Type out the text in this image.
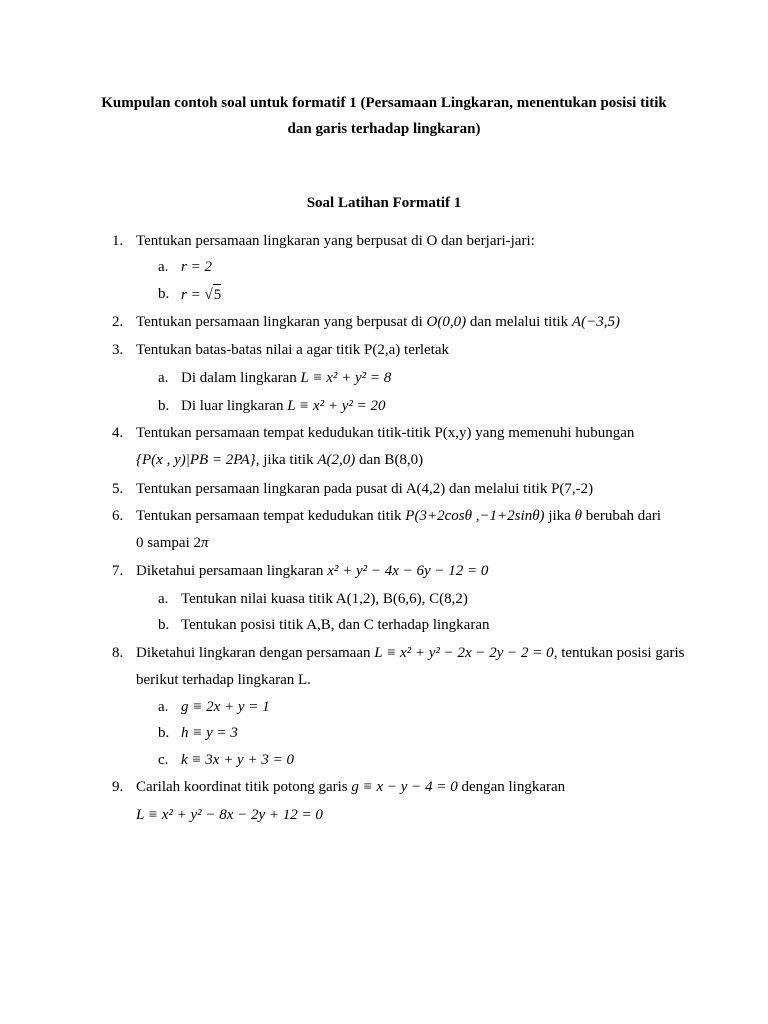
Kumpulan contoh soal untuk formatif 1 (Persamaan Lingkaran, menentukan posisi titik
dan garis terhadap lingkaran)
Soal Latihan Formatif 1
1. Tentukan persamaan lingkaran yang berpusat di O dan berjari-jari:
a. r = 2
b. r = √5
2. Tentukan persamaan lingkaran yang berpusat di O(0,0) dan melalui titik A(−3,5)
3. Tentukan batas-batas nilai a agar titik P(2,a) terletak
a. Di dalam lingkaran L ≡ x² + y² = 8
b. Di luar lingkaran L ≡ x² + y² = 20
4. Tentukan persamaan tempat kedudukan titik-titik P(x,y) yang memenuhi hubungan
{P(x , y)|PB = 2PA}, jika titik A(2,0) dan B(8,0)
5. Tentukan persamaan lingkaran pada pusat di A(4,2) dan melalui titik P(7,-2)
6. Tentukan persamaan tempat kedudukan titik P(3+2cosθ ,−1+2sinθ) jika θ berubah dari
0 sampai 2π
7. Diketahui persamaan lingkaran x² + y² − 4x − 6y − 12 = 0
a. Tentukan nilai kuasa titik A(1,2), B(6,6), C(8,2)
b. Tentukan posisi titik A,B, dan C terhadap lingkaran
8. Diketahui lingkaran dengan persamaan L ≡ x² + y² − 2x − 2y − 2 = 0, tentukan posisi garis
berikut terhadap lingkaran L.
a. g ≡ 2x + y = 1
b. h ≡ y = 3
c. k ≡ 3x + y + 3 = 0
9. Carilah koordinat titik potong garis g ≡ x − y − 4 = 0 dengan lingkaran
L ≡ x² + y² − 8x − 2y + 12 = 0
